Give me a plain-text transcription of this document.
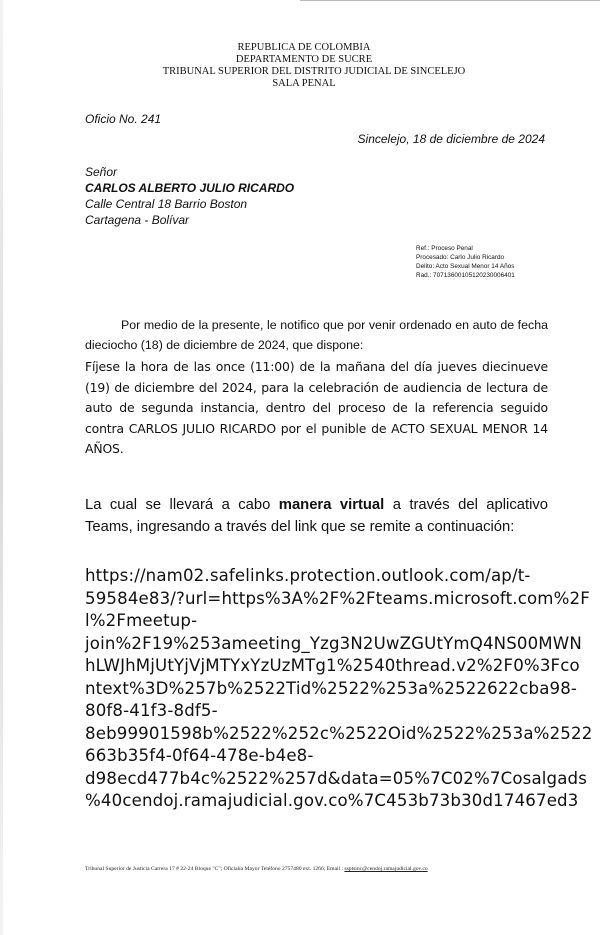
REPUBLICA DE COLOMBIA
DEPARTAMENTO DE SUCRE
TRIBUNAL SUPERIOR DEL DISTRITO JUDICIAL DE SINCELEJO
SALA PENAL
Oficio No. 241
Sincelejo, 18 de diciembre de 2024
Señor
CARLOS ALBERTO JULIO RICARDO
Calle Central 18 Barrio Boston
Cartagena - Bolívar
Ref.: Proceso Penal
Procesado: Carlo Julio Ricardo
Delito: Acto Sexual Menor 14 Años
Rad.: 70713600105120230006401
Por medio de la presente, le notifico que por venir ordenado en auto de fecha dieciocho (18) de diciembre de 2024, que dispone:

Fíjese la hora de las once (11:00) de la mañana del día jueves diecinueve (19) de diciembre del 2024, para la celebración de audiencia de lectura de auto de segunda instancia, dentro del proceso de la referencia seguido contra CARLOS JULIO RICARDO por el punible de ACTO SEXUAL MENOR 14 AÑOS.

La cual se llevará a cabo manera virtual a través del aplicativo Teams, ingresando a través del link que se remite a continuación:
https://nam02.safelinks.protection.outlook.com/ap/t-
59584e83/?url=https%3A%2F%2Fteams.microsoft.com%2F
l%2Fmeetup-
join%2F19%253ameeting_Yzg3N2UwZGUtYmQ4NS00MWN
hLWJhMjUtYjVjMTYxYzUzMTg1%2540thread.v2%2F0%3Fco
ntext%3D%257b%2522Tid%2522%253a%2522622cba98-
80f8-41f3-8df5-
8eb99901598b%2522%252c%2522Oid%2522%253a%2522
663b35f4-0f64-478e-b4e8-
d98ecd477b4c%2522%257d&data=05%7C02%7Cosalgads
%40cendoj.ramajudicial.gov.co%7C453b73b30d17467ed3
Tribunal Superior de Justicia Carrera 17 # 22-24 Bloque "C"; Oficialía Mayor Teléfono 2757480 ext. 1266; Email : ssptsinc@cendoj.ramajudicial.gov.co
